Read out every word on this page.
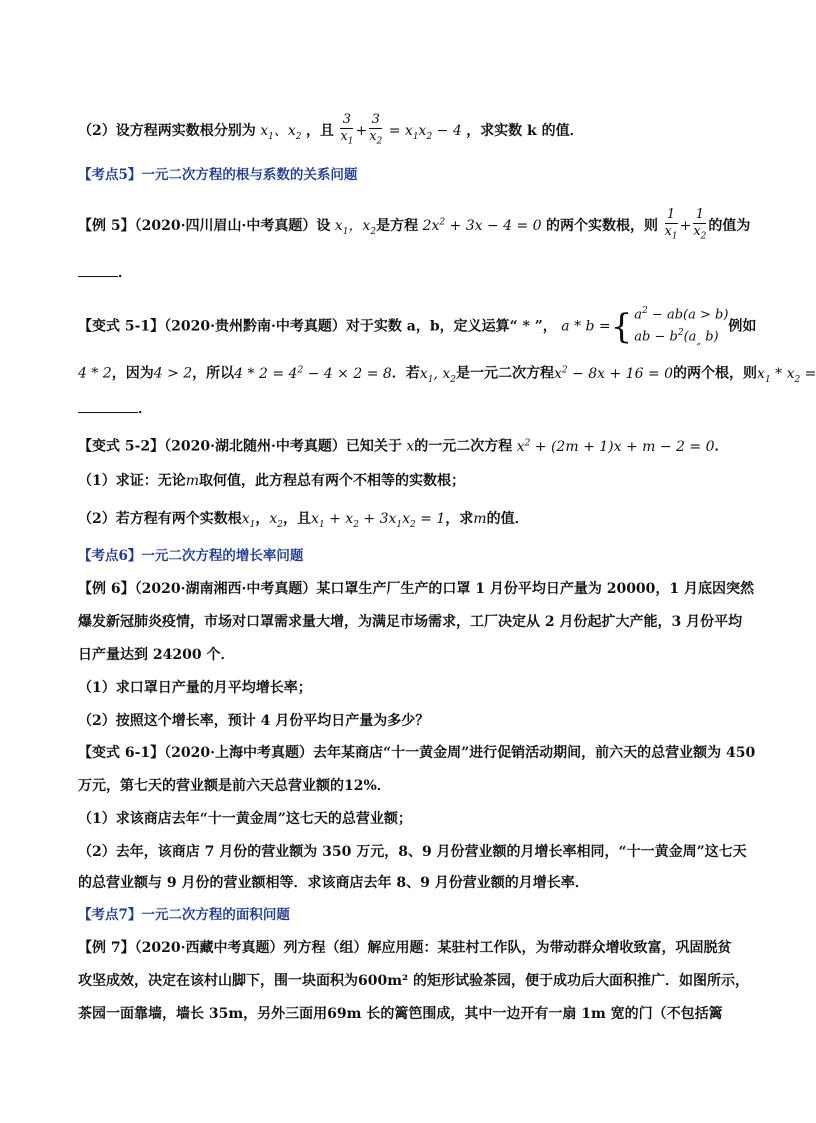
（2）设方程两实数根分别为 $x_1$、$x_2$ ，且 $\frac{3}{x_1} + \frac{3}{x_2} = x_1x_2 - 4$ ，求实数 k 的值．
【考点5】一元二次方程的根与系数的关系问题
【例 5】（2020·四川眉山·中考真题）设 $x_1$，$x_2$是方程 $2x^2 + 3x - 4 = 0$ 的两个实数根，则 $\frac{1}{x_1} + \frac{1}{x_2}$ 的值为
．
【变式 5-1】（2020·贵州黔南·中考真题）对于实数 a，b，定义运算“ * ”， a * b ={ $a^2 - ab(a > b)$
ab − $b^2(a_„$ b)例如
4 * 2，因为4 > 2，所以$4 * 2 = 4^2 - 4 \times 2 = 8$．若$x_1$, $x_2$是一元二次方程$x^2 - 8x + 16 = 0$的两个根，则$x_1 * x_2$ =
．
【变式 5-2】（2020·湖北随州·中考真题）已知关于 x的一元二次方程 $x^2 + (2m + 1)x + m - 2 = 0$．
（1）求证：无论m取何值，此方程总有两个不相等的实数根；
（2）若方程有两个实数根$x_1$，$x_2$，且$x_1 + x_2 + 3x_1x_2 = 1$，求m的值．
【考点6】一元二次方程的增长率问题
【例 6】（2020·湖南湘西·中考真题）某口罩生产厂生产的口罩 1 月份平均日产量为 20000，1 月底因突然
爆发新冠肺炎疫情，市场对口罩需求量大增，为满足市场需求，工厂决定从 2 月份起扩大产能，3 月份平均
日产量达到 24200 个．
（1）求口罩日产量的月平均增长率；
（2）按照这个增长率，预计 4 月份平均日产量为多少？
【变式 6-1】（2020·上海中考真题）去年某商店“十一黄金周”进行促销活动期间，前六天的总营业额为 450
万元，第七天的营业额是前六天总营业额的12%．
（1）求该商店去年“十一黄金周”这七天的总营业额；
（2）去年，该商店 7 月份的营业额为 350 万元，8、9 月份营业额的月增长率相同，“十一黄金周”这七天
的总营业额与 9 月份的营业额相等．求该商店去年 8、9 月份营业额的月增长率．
【考点7】一元二次方程的面积问题
【例 7】（2020·西藏中考真题）列方程（组）解应用题：某驻村工作队，为带动群众增收致富，巩固脱贫
攻坚成效，决定在该村山脚下，围一块面积为600m² 的矩形试验茶园，便于成功后大面积推广．如图所示，
茶园一面靠墙，墙长 35m，另外三面用69m 长的篱笆围成，其中一边开有一扇 1m 宽的门（不包括篱
